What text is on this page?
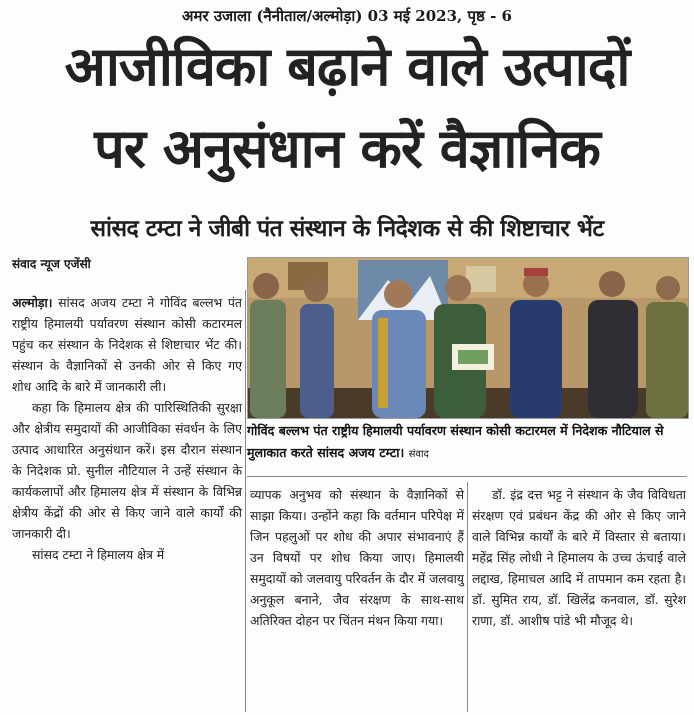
अमर उजाला (नैनीताल/अल्मोड़ा) 03 मई 2023, पृष्ठ - 6
आजीविका बढ़ाने वाले उत्पादों
पर अनुसंधान करें वैज्ञानिक
सांसद टम्टा ने जीबी पंत संस्थान के निदेशक से की शिष्टाचार भेंट
संवाद न्यूज एजेंसी
गोविंद बल्लभ पंत राष्ट्रीय हिमालयी पर्यावरण संस्थान कोसी कटारमल में निदेशक नौटियाल से मुलाकात करते सांसद अजय टम्टा। संवाद

अल्मोड़ा। सांसद अजय टम्टा ने गोविंद बल्लभ पंत राष्ट्रीय हिमालयी पर्यावरण संस्थान कोसी कटारमल पहुंच कर संस्थान के निदेशक से शिष्टाचार भेंट की। संस्थान के वैज्ञानिकों से उनकी ओर से किए गए शोध आदि के बारे में जानकारी ली।

कहा कि हिमालय क्षेत्र की पारिस्थितिकी सुरक्षा और क्षेत्रीय समुदायों की आजीविका संवर्धन के लिए उत्पाद आधारित अनुसंधान करें। इस दौरान संस्थान के निदेशक प्रो. सुनील नौटियाल ने उन्हें संस्थान के कार्यकलापों और हिमालय क्षेत्र में संस्थान के विभिन्न क्षेत्रीय केंद्रों की ओर से किए जाने वाले कार्यों की जानकारी दी।

सांसद टम्टा ने हिमालय क्षेत्र में

व्यापक अनुभव को संस्थान के वैज्ञानिकों से साझा किया। उन्होंने कहा कि वर्तमान परिपेक्ष में जिन पहलुओं पर शोध की अपार संभावनाएं हैं उन विषयों पर शोध किया जाए। हिमालयी समुदायों को जलवायु परिवर्तन के दौर में जलवायु अनुकूल बनाने, जैव संरक्षण के साथ-साथ अतिरिक्त दोहन पर चिंतन मंथन किया गया।

डॉ. इंद्र दत्त भट्ट ने संस्थान के जैव विविधता संरक्षण एवं प्रबंधन केंद्र की ओर से किए जाने वाले विभिन्न कार्यों के बारे में विस्तार से बताया। महेंद्र सिंह लोधी ने हिमालय के उच्च ऊंचाई वाले लद्दाख, हिमाचल आदि में तापमान कम रहता है। डॉ. सुमित राय, डॉ. खिलेंद्र कनवाल, डॉ. सुरेश राणा, डॉ. आशीष पांडे भी मौजूद थे।
